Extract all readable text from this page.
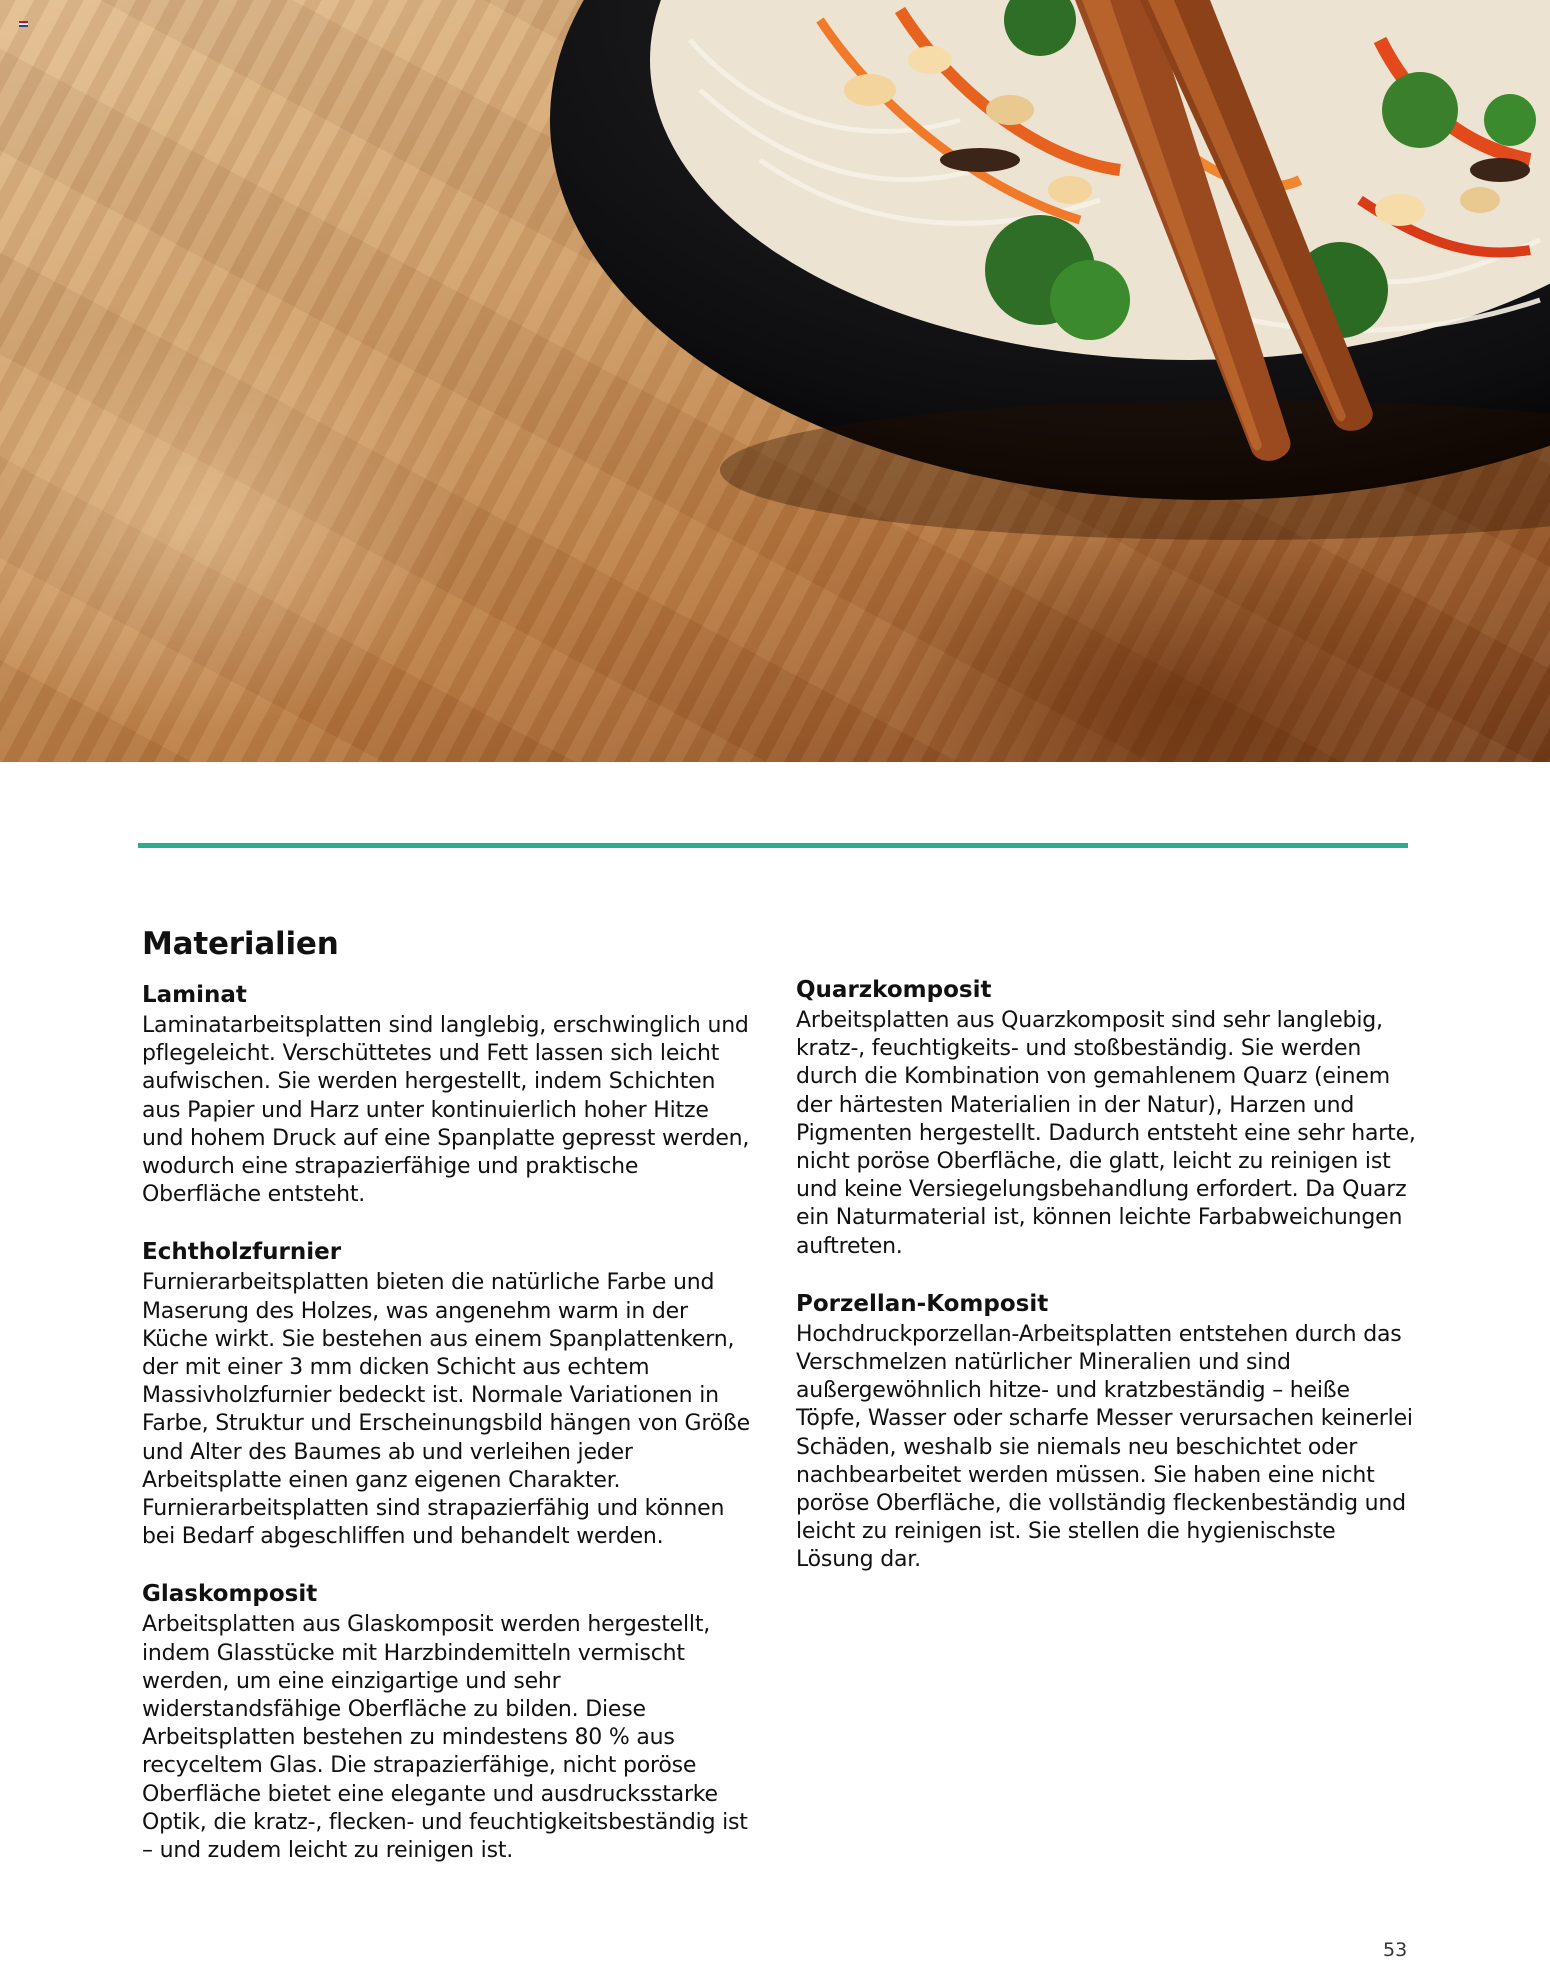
Materialien
Laminat

Laminatarbeitsplatten sind langlebig, erschwinglich und pflegeleicht. Verschüttetes und Fett lassen sich leicht aufwischen. Sie werden hergestellt, indem Schichten aus Papier und Harz unter kontinuierlich hoher Hitze und hohem Druck auf eine Spanplatte gepresst werden, wodurch eine strapazierfähige und praktische Oberfläche entsteht.

Echtholzfurnier

Furnierarbeitsplatten bieten die natürliche Farbe und Maserung des Holzes, was angenehm warm in der Küche wirkt. Sie bestehen aus einem Spanplattenkern, der mit einer 3 mm dicken Schicht aus echtem Massivholzfurnier bedeckt ist. Normale Variationen in Farbe, Struktur und Erscheinungsbild hängen von Größe und Alter des Baumes ab und verleihen jeder Arbeitsplatte einen ganz eigenen Charakter. Furnierarbeitsplatten sind strapazierfähig und können bei Bedarf abgeschliffen und behandelt werden.

Glaskomposit

Arbeitsplatten aus Glaskomposit werden hergestellt, indem Glasstücke mit Harzbindemitteln vermischt werden, um eine einzigartige und sehr widerstandsfähige Oberfläche zu bilden. Diese Arbeitsplatten bestehen zu mindestens 80 % aus recyceltem Glas. Die strapazierfähige, nicht poröse Oberfläche bietet eine elegante und ausdrucksstarke Optik, die kratz-, flecken- und feuchtigkeitsbeständig ist – und zudem leicht zu reinigen ist.

Quarzkomposit

Arbeitsplatten aus Quarzkomposit sind sehr langlebig, kratz-, feuchtigkeits- und stoßbeständig. Sie werden durch die Kombination von gemahlenem Quarz (einem der härtesten Materialien in der Natur), Harzen und Pigmenten hergestellt. Dadurch entsteht eine sehr harte, nicht poröse Oberfläche, die glatt, leicht zu reinigen ist und keine Versiegelungsbehandlung erfordert. Da Quarz ein Naturmaterial ist, können leichte Farbabweichungen auftreten.

Porzellan-Komposit

Hochdruckporzellan-Arbeitsplatten entstehen durch das Verschmelzen natürlicher Mineralien und sind außergewöhnlich hitze- und kratzbeständig – heiße Töpfe, Wasser oder scharfe Messer verursachen keinerlei Schäden, weshalb sie niemals neu beschichtet oder nachbearbeitet werden müssen. Sie haben eine nicht poröse Oberfläche, die vollständig fleckenbeständig und leicht zu reinigen ist. Sie stellen die hygienischste Lösung dar.

53
